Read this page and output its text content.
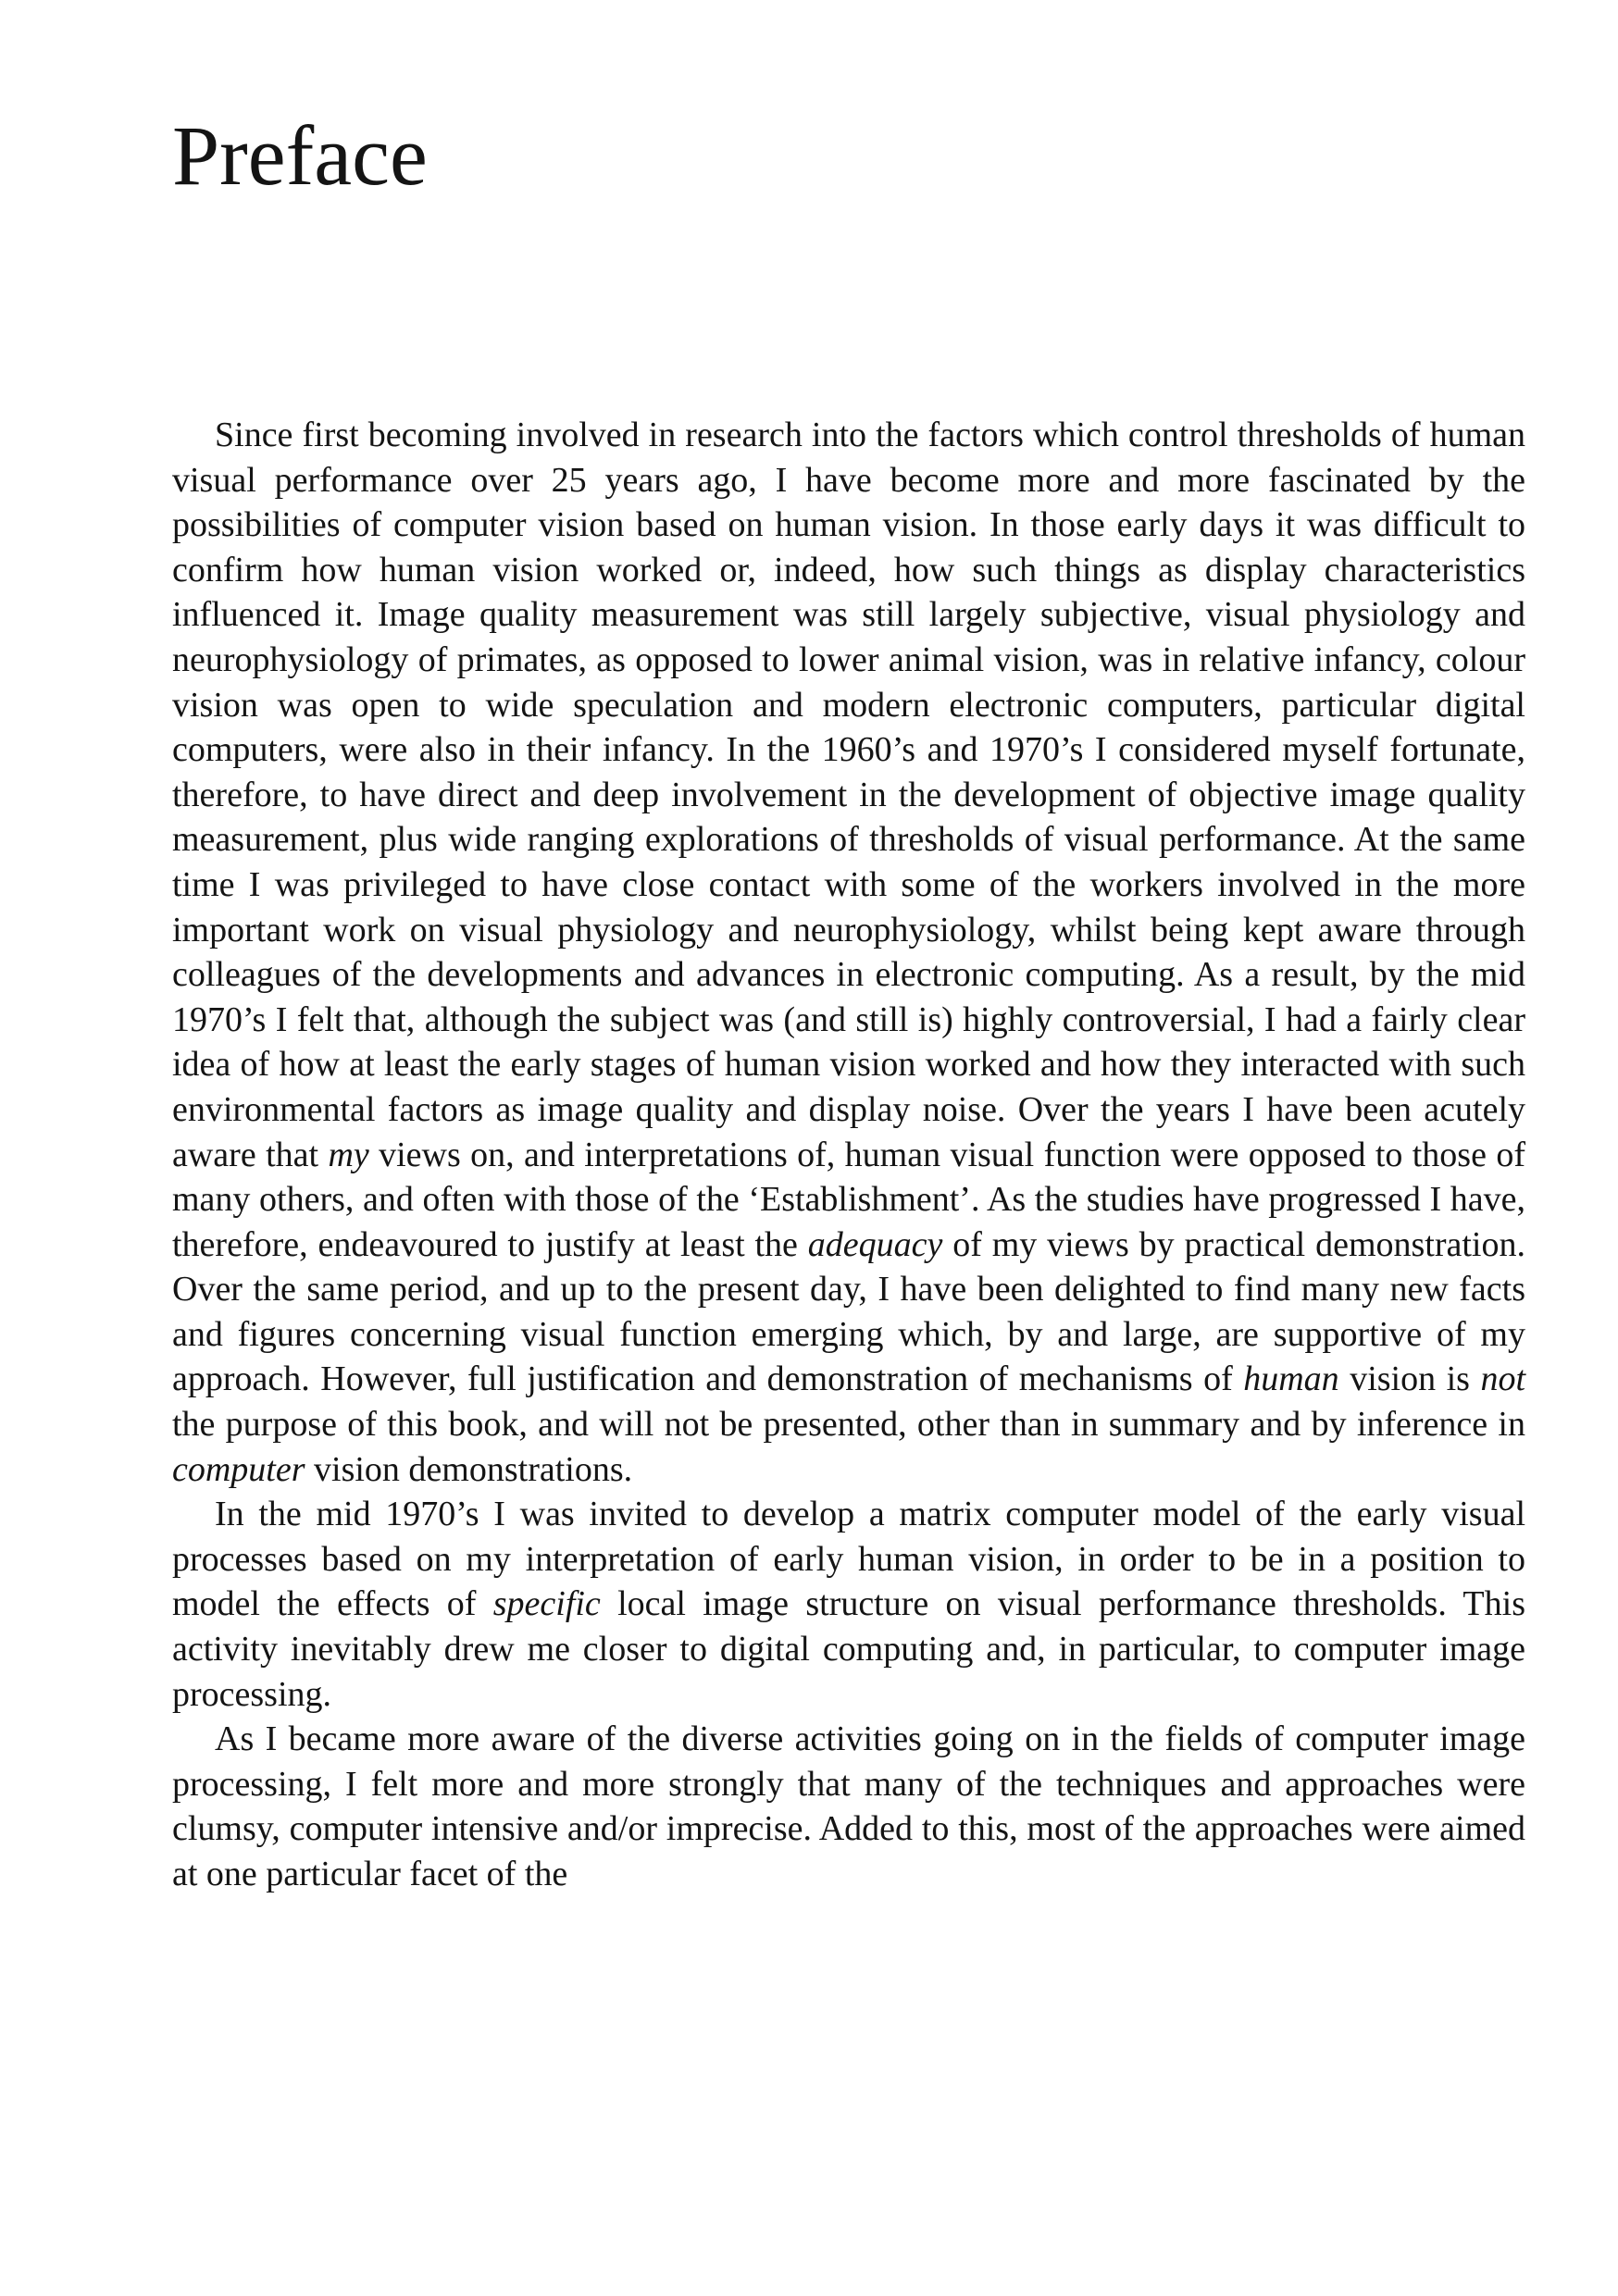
Preface

Since first becoming involved in research into the factors which control thresholds of human visual performance over 25 years ago, I have become more and more fascinated by the possibilities of computer vision based on human vision. In those early days it was difficult to confirm how human vision worked or, indeed, how such things as display characteristics influenced it. Image quality measurement was still largely subjective, visual physiology and neurophysiology of primates, as opposed to lower animal vision, was in relative infancy, colour vision was open to wide speculation and modern electronic computers, particular digital computers, were also in their infancy. In the 1960’s and 1970’s I considered myself fortunate, therefore, to have direct and deep involvement in the development of objective image quality measurement, plus wide ranging explorations of thresholds of visual performance. At the same time I was privileged to have close contact with some of the workers involved in the more important work on visual physiology and neurophysiology, whilst being kept aware through colleagues of the developments and advances in electronic computing. As a result, by the mid 1970’s I felt that, although the subject was (and still is) highly controversial, I had a fairly clear idea of how at least the early stages of human vision worked and how they interacted with such environmental factors as image quality and display noise. Over the years I have been acutely aware that my views on, and interpretations of, human visual function were opposed to those of many others, and often with those of the ‘Establishment’. As the studies have progressed I have, therefore, endeavoured to justify at least the adequacy of my views by practical demonstration. Over the same period, and up to the present day, I have been delighted to find many new facts and figures concerning visual function emerging which, by and large, are supportive of my approach. However, full justification and demonstration of mechanisms of human vision is not the purpose of this book, and will not be presented, other than in summary and by inference in computer vision demonstrations.

In the mid 1970’s I was invited to develop a matrix computer model of the early visual processes based on my interpretation of early human vision, in order to be in a position to model the effects of specific local image structure on visual performance thresholds. This activity inevitably drew me closer to digital computing and, in particular, to computer image processing.

As I became more aware of the diverse activities going on in the fields of computer image processing, I felt more and more strongly that many of the techniques and approaches were clumsy, computer intensive and/or imprecise. Added to this, most of the approaches were aimed at one particular facet of the
